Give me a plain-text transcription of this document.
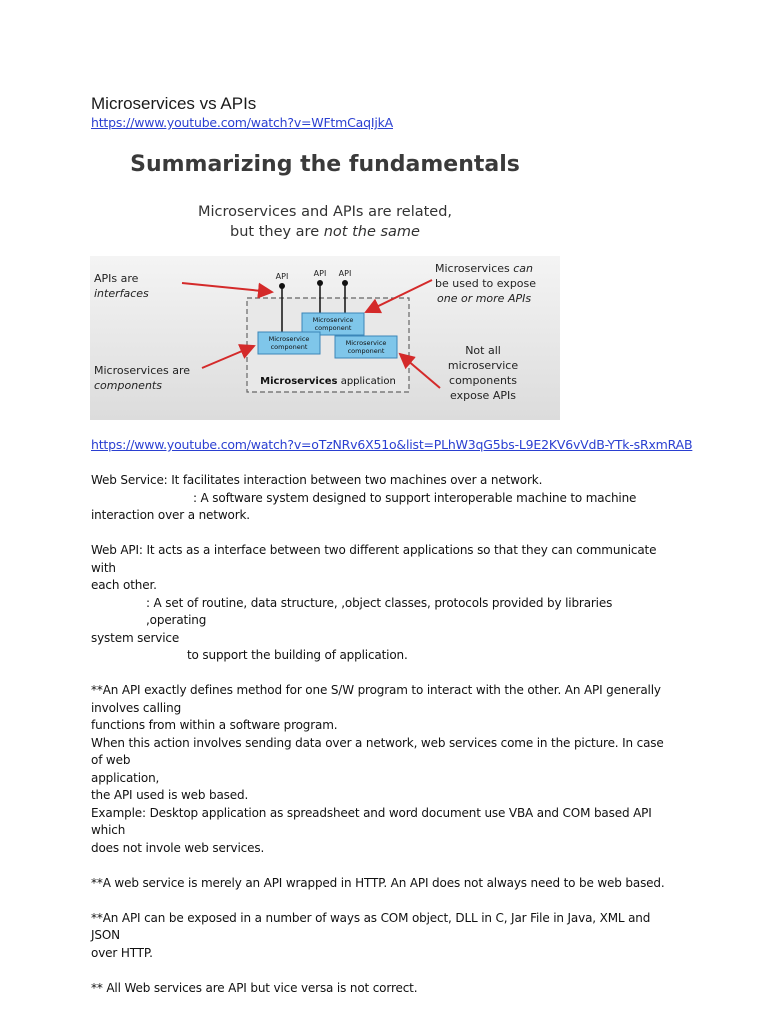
Microservices vs APIs
https://www.youtube.com/watch?v=WFtmCaqIjkA
Summarizing the fundamentals
Microservices and APIs are related,
but they are not the same
API	API API
Microservice
component
Microservice
component	Microservice
component
Microservices application
APIs are
interfaces
Microservices are
components
Microservices can
be used to expose
one or more APIs
Not all
microservice
components
expose APIs
https://www.youtube.com/watch?v=oTzNRv6X51o&list=PLhW3qG5bs-L9E2KV6vVdB-YTk-sRxmRAB

Web Service: It facilitates interaction between two machines over a network.

: A software system designed to support interoperable machine to machine

interaction over a network.

Web API: It acts as a interface between two different applications so that they can communicate with

each other.

: A set of routine, data structure, ,object classes, protocols provided by libraries ,operating

system service

to support the building of application.

**An API exactly defines method for one S/W program to interact with the other. An API generally

involves calling

functions from within a software program.

When this action involves sending data over a network, web services come in the picture. In case of web

application,

the API used is web based.

Example: Desktop application as spreadsheet and word document use VBA and COM based API which

does not invole web services.

**A web service is merely an API wrapped in HTTP. An API does not always need to be web based.

**An API can be exposed in a number of ways as COM object, DLL in C, Jar File in Java, XML and JSON

over HTTP.

** All Web services are API but vice versa is not correct.
